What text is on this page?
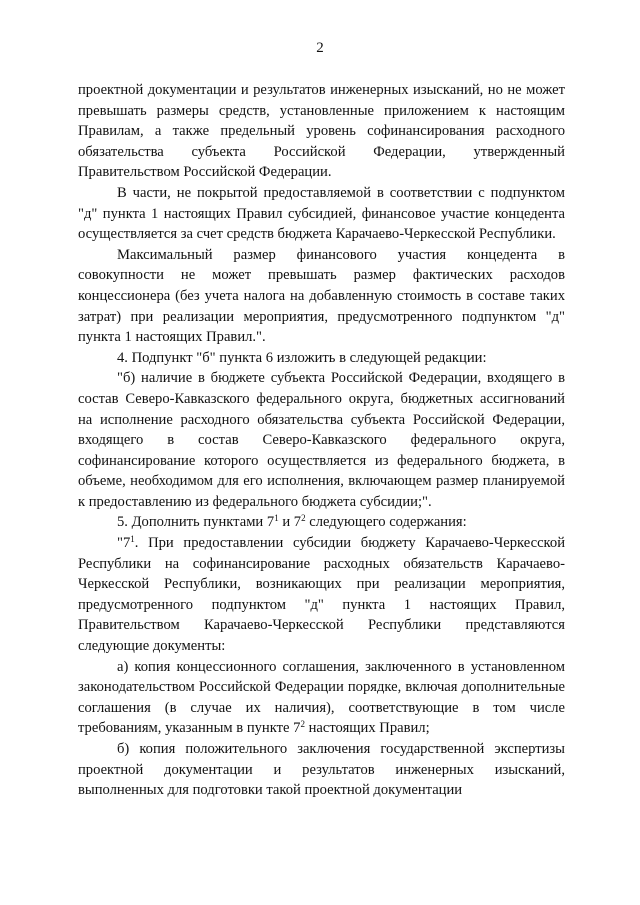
2

проектной документации и результатов инженерных изысканий, но не может превышать размеры средств, установленные приложением к настоящим Правилам, а также предельный уровень софинансирования расходного обязательства субъекта Российской Федерации, утвержденный Правительством Российской Федерации.

В части, не покрытой предоставляемой в соответствии с подпунктом "д" пункта 1 настоящих Правил субсидией, финансовое участие концедента осуществляется за счет средств бюджета Карачаево-Черкесской Республики.

Максимальный размер финансового участия концедента в совокупности не может превышать размер фактических расходов концессионера (без учета налога на добавленную стоимость в составе таких затрат) при реализации мероприятия, предусмотренного подпунктом "д" пункта 1 настоящих Правил.".

4. Подпункт "б" пункта 6 изложить в следующей редакции:

"б) наличие в бюджете субъекта Российской Федерации, входящего в состав Северо-Кавказского федерального округа, бюджетных ассигнований на исполнение расходного обязательства субъекта Российской Федерации, входящего в состав Северо-Кавказского федерального округа, софинансирование которого осуществляется из федерального бюджета, в объеме, необходимом для его исполнения, включающем размер планируемой к предоставлению из федерального бюджета субсидии;".

5. Дополнить пунктами $7^1$ и $7^2$ следующего содержания:

"$7^1$. При предоставлении субсидии бюджету Карачаево-Черкесской Республики на софинансирование расходных обязательств Карачаево-Черкесской Республики, возникающих при реализации мероприятия, предусмотренного подпунктом "д" пункта 1 настоящих Правил, Правительством Карачаево-Черкесской Республики представляются следующие документы:

а) копия концессионного соглашения, заключенного в установленном законодательством Российской Федерации порядке, включая дополнительные соглашения (в случае их наличия), соответствующие в том числе требованиям, указанным в пункте $7^2$ настоящих Правил;

б) копия положительного заключения государственной экспертизы проектной документации и результатов инженерных изысканий, выполненных для подготовки такой проектной документации
